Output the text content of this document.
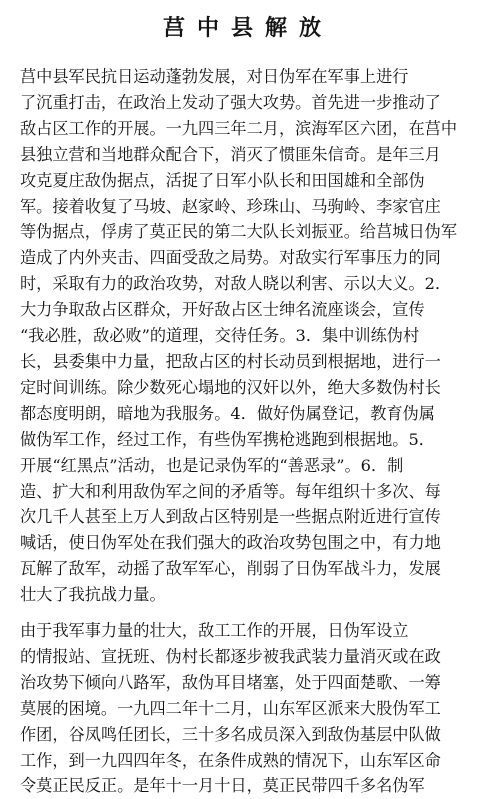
莒中县解放

莒中县军民抗日运动蓬勃发展，对日伪军在军事上进行

了沉重打击，在政治上发动了强大攻势。首先进一步推动了

敌占区工作的开展。一九四三年二月，滨海军区六团，在莒中

县独立营和当地群众配合下，消灭了惯匪朱信奇。是年三月

攻克夏庄敌伪据点，活捉了日军小队长和田国雄和全部伪

军。接着收复了马坡、赵家岭、珍珠山、马驹岭、李家官庄

等伪据点，俘虏了莫正民的第二大队长刘振亚。给莒城日伪军

造成了内外夹击、四面受敌之局势。对敌实行军事压力的同

时，采取有力的政治攻势，对敌人晓以利害、示以大义。2．

大力争取敌占区群众，开好敌占区士绅名流座谈会，宣传

“我必胜，敌必败”的道理，交待任务。3．集中训练伪村

长，县委集中力量，把敌占区的村长动员到根据地，进行一

定时间训练。除少数死心塌地的汉奸以外，绝大多数伪村长

都态度明朗，暗地为我服务。4．做好伪属登记，教育伪属

做伪军工作，经过工作，有些伪军携枪逃跑到根据地。5．

开展“红黑点”活动，也是记录伪军的“善恶录”。6．制

造、扩大和利用敌伪军之间的矛盾等。每年组织十多次、每

次几千人甚至上万人到敌占区特别是一些据点附近进行宣传

喊话，使日伪军处在我们强大的政治攻势包围之中，有力地

瓦解了敌军，动摇了敌军军心，削弱了日伪军战斗力，发展

壮大了我抗战力量。

由于我军事力量的壮大，敌工工作的开展，日伪军设立

的情报站、宣抚班、伪村长都逐步被我武装力量消灭或在政

治攻势下倾向八路军，敌伪耳目堵塞，处于四面楚歌、一筹

莫展的困境。一九四二年十二月，山东军区派来大股伪军工

作团，谷凤鸣任团长，三十多名成员深入到敌伪基层中队做

工作，到一九四四年冬，在条件成熟的情况下，山东军区命

令莫正民反正。是年十一月十日，莫正民带四千多名伪军
